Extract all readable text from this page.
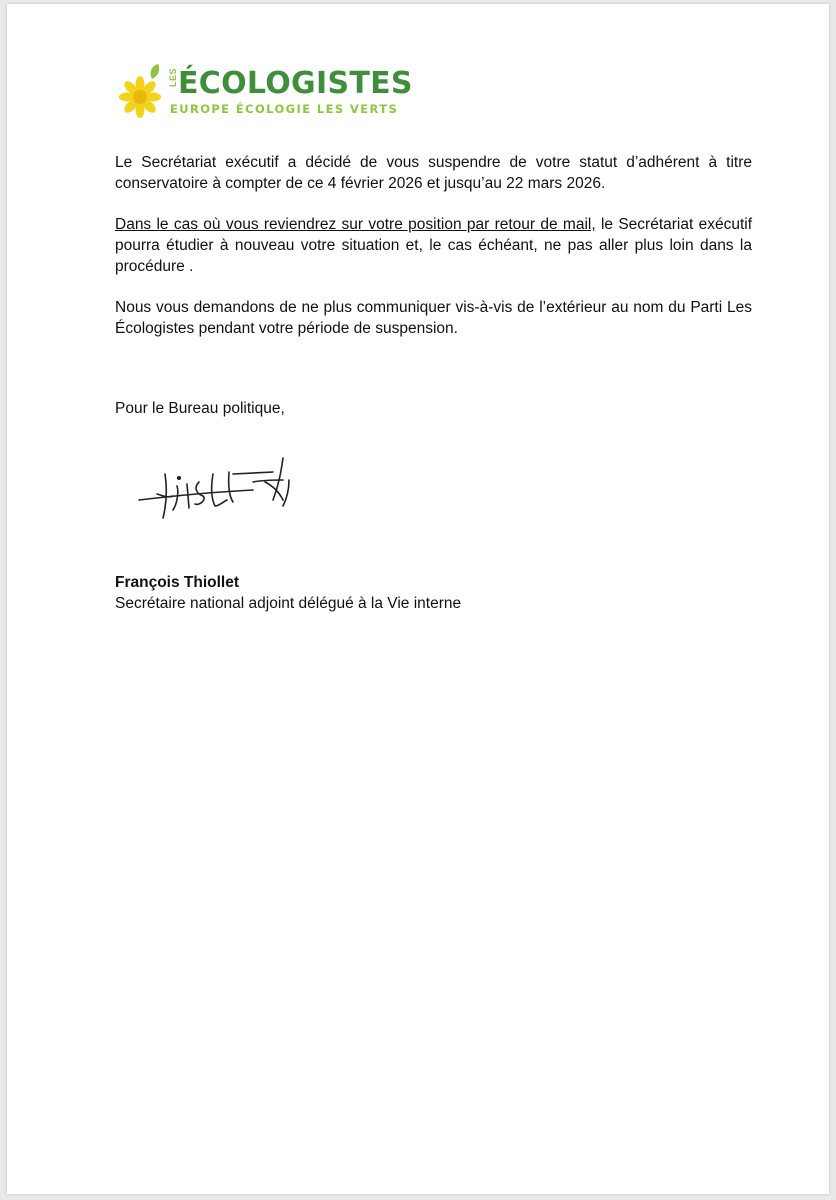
LES ÉCOLOGISTES
EUROPE ÉCOLOGIE LES VERTS

Le Secrétariat exécutif a décidé de vous suspendre de votre statut d’adhérent à titre conservatoire à compter de ce 4 février 2026 et jusqu’au 22 mars 2026.

Dans le cas où vous reviendrez sur votre position par retour de mail, le Secrétariat exécutif pourra étudier à nouveau votre situation et, le cas échéant, ne pas aller plus loin dans la procédure .

Nous vous demandons de ne plus communiquer vis-à-vis de l’extérieur au nom du Parti Les Écologistes pendant votre période de suspension.

Pour le Bureau politique,

François Thiollet

Secrétaire national adjoint délégué à la Vie interne
